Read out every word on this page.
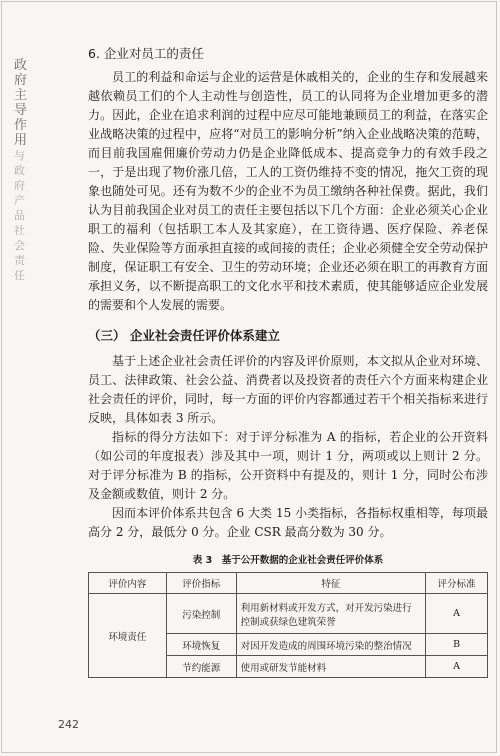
政府主导作用与政府产品社会责任
6. 企业对员工的责任

员工的利益和命运与企业的运营是休戚相关的，企业的生存和发展越来越依赖员工们的个人主动性与创造性，员工的认同将为企业增加更多的潜力。因此，企业在追求利润的过程中应尽可能地兼顾员工的利益，在落实企业战略决策的过程中，应将“对员工的影响分析”纳入企业战略决策的范畴，而目前我国雇佣廉价劳动力仍是企业降低成本、提高竞争力的有效手段之一，于是出现了物价涨几倍，工人的工资仍维持不变的情况，拖欠工资的现象也随处可见。还有为数不少的企业不为员工缴纳各种社保费。据此，我们认为目前我国企业对员工的责任主要包括以下几个方面：企业必须关心企业职工的福利（包括职工本人及其家庭），在工资待遇、医疗保险、养老保险、失业保险等方面承担直接的或间接的责任；企业必须健全安全劳动保护制度，保证职工有安全、卫生的劳动环境；企业还必须在职工的再教育方面承担义务，以不断提高职工的文化水平和技术素质，使其能够适应企业发展的需要和个人发展的需要。

（三） 企业社会责任评价体系建立

基于上述企业社会责任评价的内容及评价原则，本文拟从企业对环境、员工、法律政策、社会公益、消费者以及投资者的责任六个方面来构建企业社会责任的评价，同时，每一方面的评价内容都通过若干个相关指标来进行反映，具体如表 3 所示。

指标的得分方法如下：对于评分标准为 A 的指标，若企业的公开资料（如公司的年度报表）涉及其中一项，则计 1 分，两项或以上则计 2 分。对于评分标准为 B 的指标，公开资料中有提及的，则计 1 分，同时公布涉及金额或数值，则计 2 分。

因而本评价体系共包含 6 大类 15 小类指标，各指标权重相等，每项最高分 2 分，最低分 0 分。企业 CSR 最高分数为 30 分。

表 3　基于公开数据的企业社会责任评价体系
评价内容	评价指标	特征	评分标准
环境责任	污染控制	利用新材料或开发方式，对开发污染进行控制或获绿色建筑荣誉	A
	环境恢复	对因开发造成的周围环境污染的整治情况	B
	节约能源	使用或研发节能材料	A
242
